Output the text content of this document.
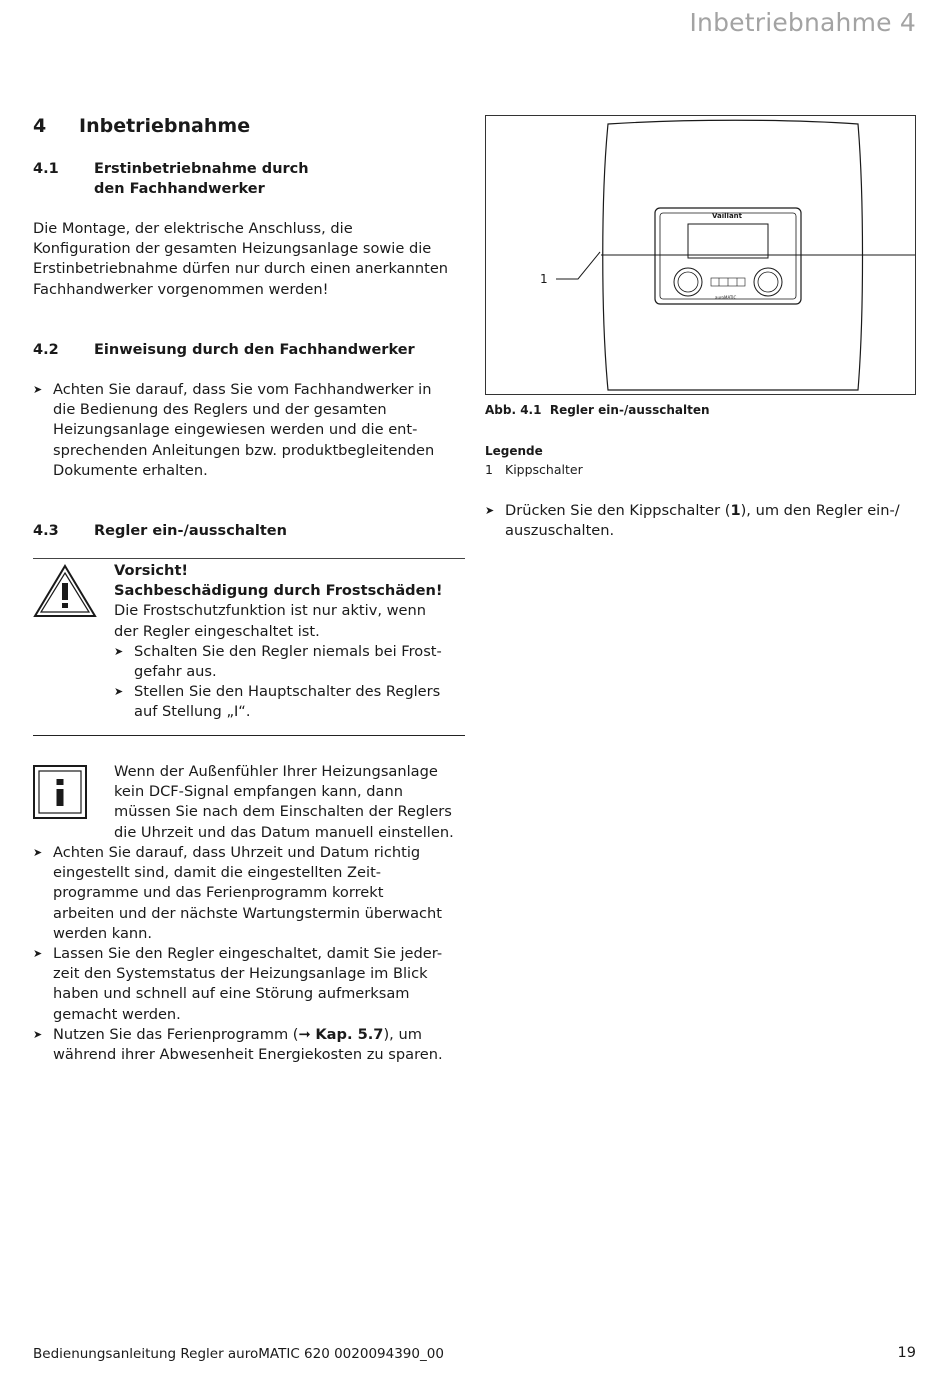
Inbetriebnahme 4
4 Inbetriebnahme
4.1 Erstinbetriebnahme durch
den Fachhandwerker
Die Montage, der elektrische Anschluss, die
Konfiguration der gesamten Heizungsanlage sowie die
Erstinbetriebnahme dürfen nur durch einen anerkannten
Fachhandwerker vorgenommen werden!
4.2 Einweisung durch den Fachhandwerker
➤ Achten Sie darauf, dass Sie vom Fachhandwerker in
die Bedienung des Reglers und der gesamten
Heizungsanlage eingewiesen werden und die ent-
sprechenden Anleitungen bzw. produktbegleitenden
Dokumente erhalten.
4.3 Regler ein-/ausschalten
Vorsicht!
Sachbeschädigung durch Frostschäden!
Die Frostschutzfunktion ist nur aktiv, wenn
der Regler eingeschaltet ist.
➤ Schalten Sie den Regler niemals bei Frost-
gefahr aus.
➤ Stellen Sie den Hauptschalter des Reglers
auf Stellung „I“.
Wenn der Außenfühler Ihrer Heizungsanlage
kein DCF-Signal empfangen kann, dann
müssen Sie nach dem Einschalten der Reglers
die Uhrzeit und das Datum manuell einstellen.
➤ Achten Sie darauf, dass Uhrzeit und Datum richtig
eingestellt sind, damit die eingestellten Zeit-
programme und das Ferienprogramm korrekt
arbeiten und der nächste Wartungstermin überwacht
werden kann.
➤ Lassen Sie den Regler eingeschaltet, damit Sie jeder-
zeit den Systemstatus der Heizungsanlage im Blick
haben und schnell auf eine Störung aufmerksam
gemacht werden.
➤ Nutzen Sie das Ferienprogramm (➞ Kap. 5.7), um
während ihrer Abwesenheit Energiekosten zu sparen.
Vaillant
auroMATIC
1
Abb. 4.1 Regler ein-/ausschalten
Legende
1 Kippschalter
➤ Drücken Sie den Kippschalter (1), um den Regler ein-/
auszuschalten.
Bedienungsanleitung Regler auroMATIC 620 0020094390_00	19
